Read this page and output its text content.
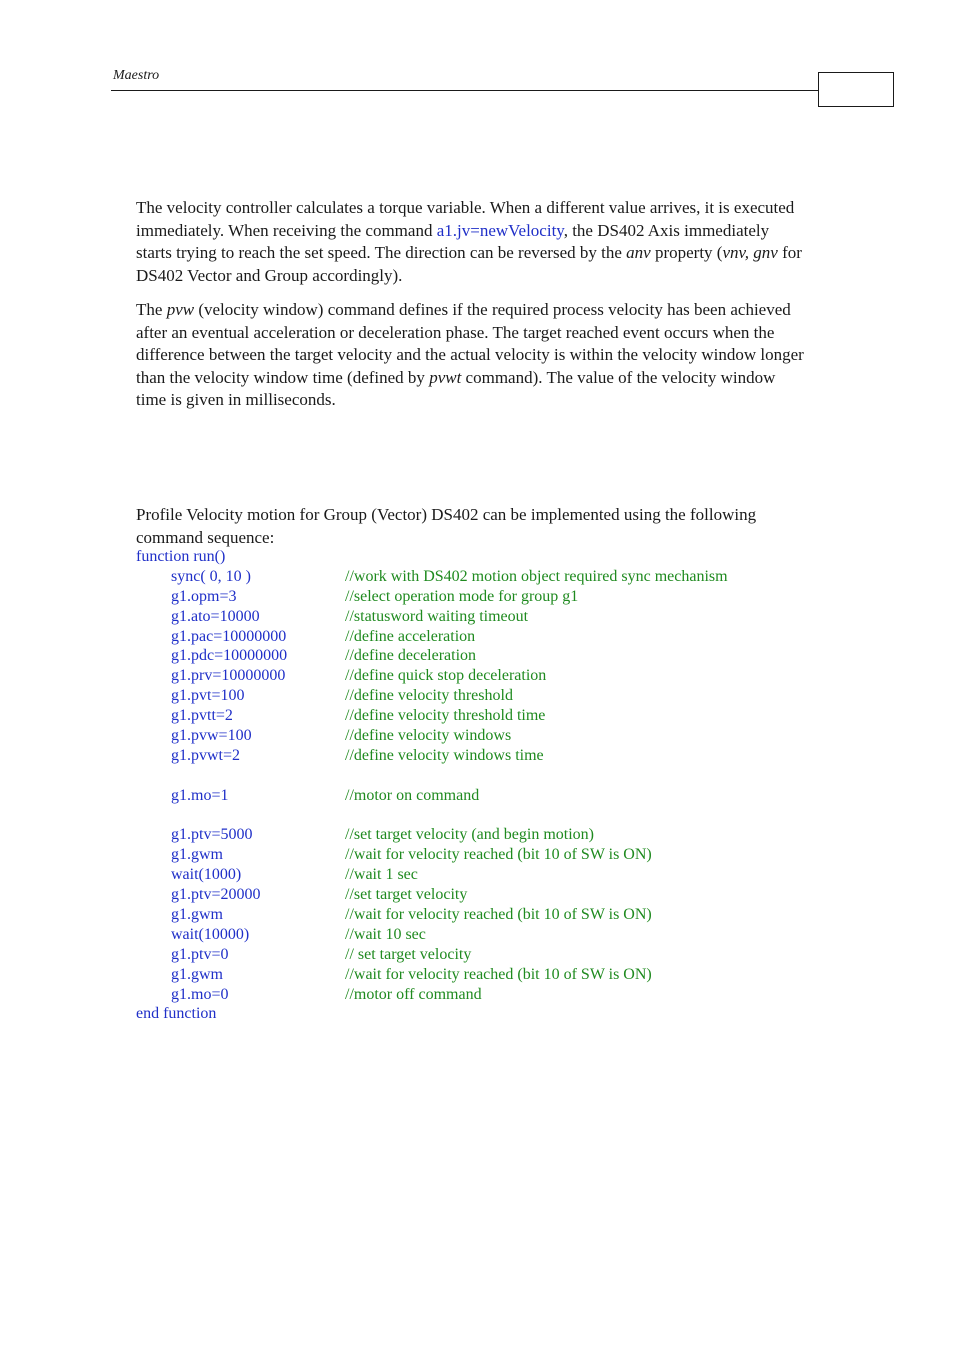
Maestro
The velocity controller calculates a torque variable. When a different value arrives, it is executed immediately. When receiving the command a1.jv=newVelocity, the DS402 Axis immediately starts trying to reach the set speed. The direction can be reversed by the anv property (vnv, gnv for DS402 Vector and Group accordingly).
The pvw (velocity window) command defines if the required process velocity has been achieved after an eventual acceleration or deceleration phase. The target reached event occurs when the difference between the target velocity and the actual velocity is within the velocity window longer than the velocity window time (defined by pvwt command). The value of the velocity window time is given in milliseconds.
Profile Velocity motion for Group (Vector) DS402 can be implemented using the following command sequence:
function run()
sync( 0, 10 )	//work with DS402 motion object required sync mechanism
g1.opm=3	//select operation mode for group g1
g1.ato=10000	//statusword waiting timeout
g1.pac=10000000	//define acceleration
g1.pdc=10000000	//define deceleration
g1.prv=10000000	//define quick stop deceleration
g1.pvt=100	//define velocity threshold
g1.pvtt=2	//define velocity threshold time
g1.pvw=100	//define velocity windows
g1.pvwt=2	//define velocity windows time
g1.mo=1	//motor on command
g1.ptv=5000	//set target velocity (and begin motion)
g1.gwm	//wait for velocity reached (bit 10 of SW is ON)
wait(1000)	//wait 1 sec
g1.ptv=20000	//set target velocity
g1.gwm	//wait for velocity reached (bit 10 of SW is ON)
wait(10000)	//wait 10 sec
g1.ptv=0	// set target velocity
g1.gwm	//wait for velocity reached (bit 10 of SW is ON)
g1.mo=0	//motor off command
end function
